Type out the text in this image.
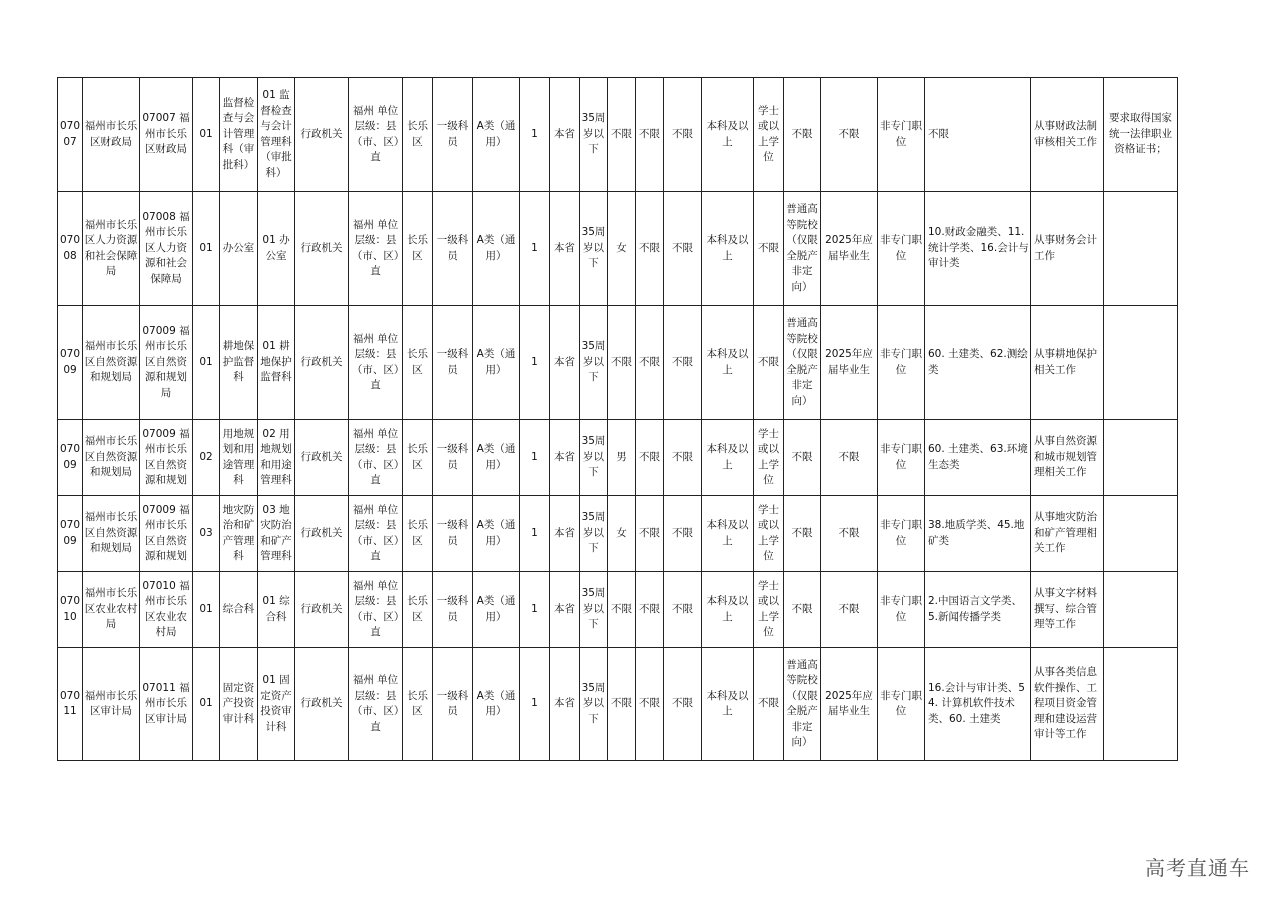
07007	福州市长乐区财政局	07007 福州市长乐区财政局	01	监督检查与会计管理科（审批科）	01 监督检查与会计管理科（审批科）	行政机关	福州 单位层级：县（市、区）直	长乐区	一级科员	A类（通用）	1	本省	35周岁以下	不限	不限	不限	本科及以上	学士或以上学位	不限	不限	非专门职位	不限	从事财政法制审核相关工作	要求取得国家统一法律职业资格证书；
07008	福州市长乐区人力资源和社会保障局	07008 福州市长乐区人力资源和社会保障局	01	办公室	01 办公室	行政机关	福州 单位层级：县（市、区）直	长乐区	一级科员	A类（通用）	1	本省	35周岁以下	女	不限	不限	本科及以上	不限	普通高等院校（仅限全脱产非定向）	2025年应届毕业生	非专门职位	10.财政金融类、11.统计学类、16.会计与审计类	从事财务会计工作	
07009	福州市长乐区自然资源和规划局	07009 福州市长乐区自然资源和规划局	01	耕地保护监督科	01 耕地保护监督科	行政机关	福州 单位层级：县（市、区）直	长乐区	一级科员	A类（通用）	1	本省	35周岁以下	不限	不限	不限	本科及以上	不限	普通高等院校（仅限全脱产非定向）	2025年应届毕业生	非专门职位	60. 土建类、62.测绘类	从事耕地保护相关工作	
07009	福州市长乐区自然资源和规划局	07009 福州市长乐区自然资源和规划	02	用地规划和用途管理科	02 用地规划和用途管理科	行政机关	福州 单位层级：县（市、区）直	长乐区	一级科员	A类（通用）	1	本省	35周岁以下	男	不限	不限	本科及以上	学士或以上学位	不限	不限	非专门职位	60. 土建类、63.环境生态类	从事自然资源和城市规划管理相关工作	
07009	福州市长乐区自然资源和规划局	07009 福州市长乐区自然资源和规划	03	地灾防治和矿产管理科	03 地灾防治和矿产管理科	行政机关	福州 单位层级：县（市、区）直	长乐区	一级科员	A类（通用）	1	本省	35周岁以下	女	不限	不限	本科及以上	学士或以上学位	不限	不限	非专门职位	38.地质学类、45.地矿类	从事地灾防治和矿产管理相关工作	
07010	福州市长乐区农业农村局	07010 福州市长乐区农业农村局	01	综合科	01 综合科	行政机关	福州 单位层级：县（市、区）直	长乐区	一级科员	A类（通用）	1	本省	35周岁以下	不限	不限	不限	本科及以上	学士或以上学位	不限	不限	非专门职位	2.中国语言文学类、5.新闻传播学类	从事文字材料撰写、综合管理等工作	
07011	福州市长乐区审计局	07011 福州市长乐区审计局	01	固定资产投资审计科	01 固定资产投资审计科	行政机关	福州 单位层级：县（市、区）直	长乐区	一级科员	A类（通用）	1	本省	35周岁以下	不限	不限	不限	本科及以上	不限	普通高等院校（仅限全脱产非定向）	2025年应届毕业生	非专门职位	16.会计与审计类、54. 计算机软件技术类、60. 土建类	从事各类信息软件操作、工程项目资金管理和建设运营审计等工作	
高考直通车
